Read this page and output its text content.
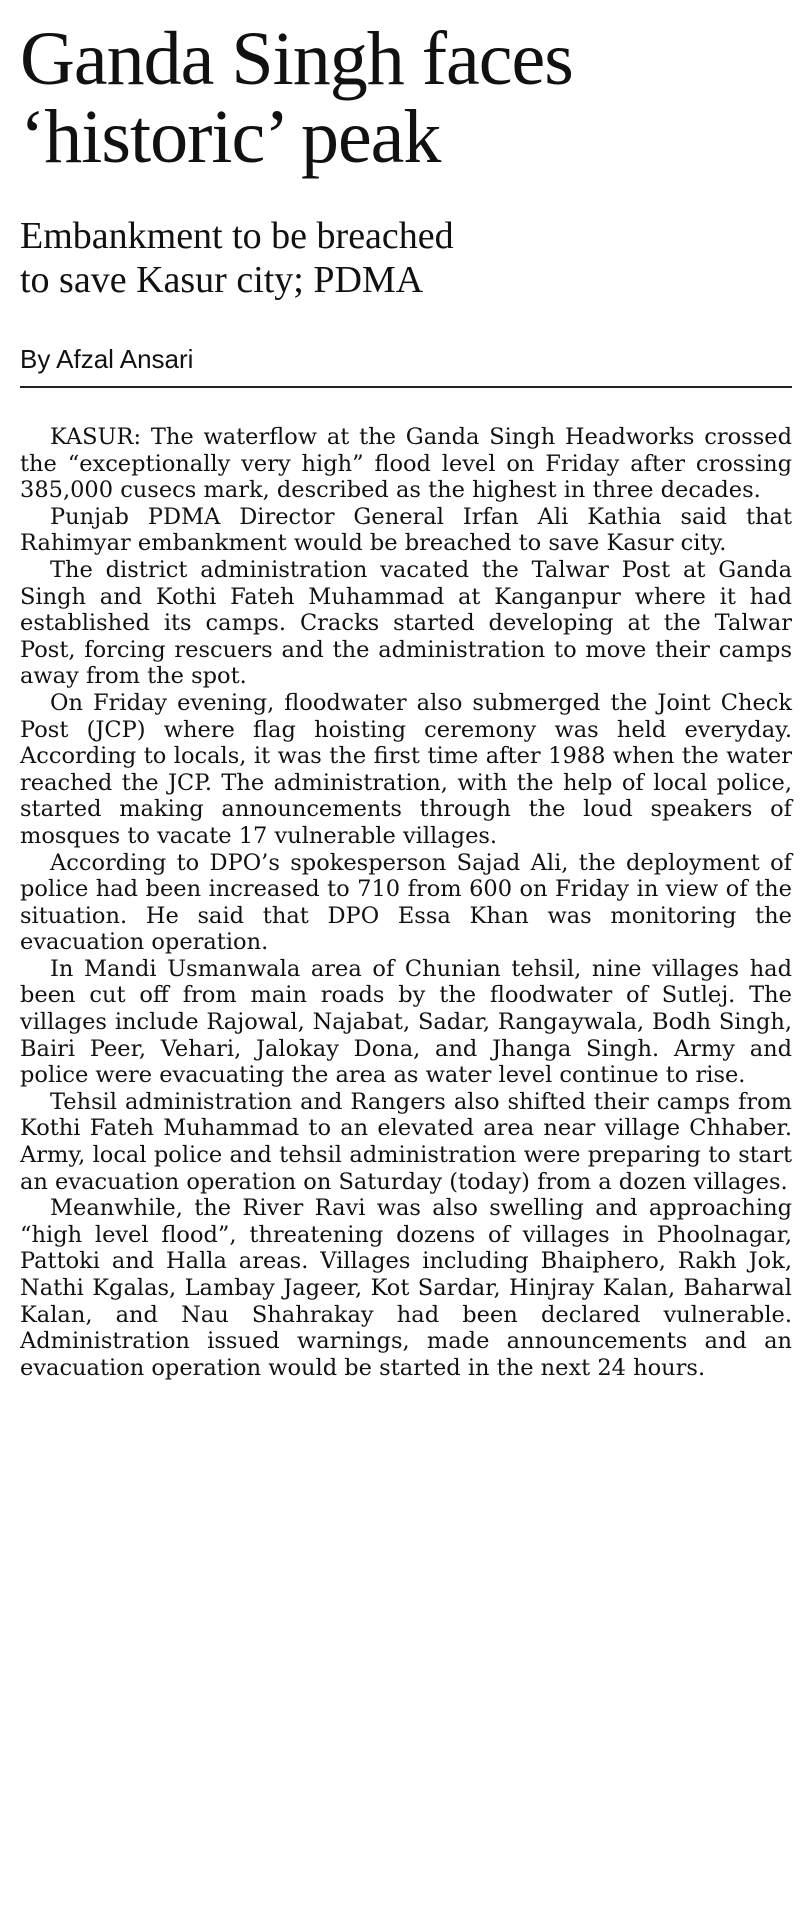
Ganda Singh faces
‘historic’ peak
Embankment to be breached
to save Kasur city; PDMA
By Afzal Ansari

KASUR: The waterflow at the Ganda Singh Headworks crossed the “exceptionally very high” flood level on Friday after crossing 385,000 cusecs mark, described as the highest in three decades.

Punjab PDMA Director General Irfan Ali Kathia said that Rahimyar embankment would be breached to save Kasur city.

The district administration vacated the Talwar Post at Ganda Singh and Kothi Fateh Muhammad at Kanganpur where it had established its camps. Cracks started developing at the Talwar Post, forcing rescuers and the administration to move their camps away from the spot.

On Friday evening, floodwater also submerged the Joint Check Post (JCP) where flag hoisting ceremony was held everyday. According to locals, it was the first time after 1988 when the water reached the JCP. The administration, with the help of local police, started making announcements through the loud speakers of mosques to vacate 17 vulnerable villages.

According to DPO’s spokesperson Sajad Ali, the deployment of police had been increased to 710 from 600 on Friday in view of the situation. He said that DPO Essa Khan was monitoring the evacuation operation.

In Mandi Usmanwala area of Chunian tehsil, nine villages had been cut off from main roads by the floodwater of Sutlej. The villages include Rajowal, Najabat, Sadar, Rangaywala, Bodh Singh, Bairi Peer, Vehari, Jalokay Dona, and Jhanga Singh. Army and police were evacuating the area as water level continue to rise.

Tehsil administration and Rangers also shifted their camps from Kothi Fateh Muhammad to an elevated area near village Chhaber. Army, local police and tehsil administration were preparing to start an evacuation operation on Saturday (today) from a dozen villages.

Meanwhile, the River Ravi was also swelling and approaching “high level flood”, threatening dozens of villages in Phoolnagar, Pattoki and Halla areas. Villages including Bhaiphero, Rakh Jok, Nathi Kgalas, Lambay Jageer, Kot Sardar, Hinjray Kalan, Baharwal Kalan, and Nau Shahrakay had been declared vulnerable. Administration issued warnings, made announcements and an evacuation operation would be started in the next 24 hours.
